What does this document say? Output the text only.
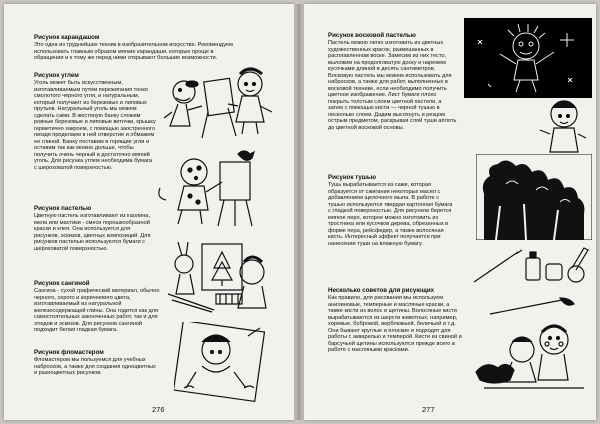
Рисунок карандашом

Это одна из труднейших техник в изобразительном искусстве. Рекомендуем использовать главным образом мягкие карандаши, которые проще в обращении и к тому же перед ними открывают большие возможности.

Рисунок углем

Уголь может быть искусственным, изготавливаемым путем пережигания тонко смолотого черного угля, и натуральным, который получают из березовых и липовых прутьев. Натуральный уголь мы можем сделать сами. В жестяную банку сложим ровные березовые и липовые веточки, крышку герметично закроем, с помощью заостренного гвоздя проделаем в ней отверстие и обмажем ее глиной. Банку поставим в горящие угли и оставим так как можно дольше, чтобы получить очень черный и достаточно мягкий уголь. Для рисунка углем необходима бумага с шероховатой поверхностью.

Рисунок пастелью

Цветную пастель изготавливают из каолина, мела или мастики - смеси порошкообразной краски и клея. Она используется для рисунков, эскизов, цветных композиций. Для рисунков пастелью используются бумаги с шероховатой поверхностью.

Рисунок сангиной

Сангина - сухой графический материал, обычно черного, серого и коричневого цвета, изготавливаемый из натуральной железосодержащей глины. Она годится как для самостоятельных законченных работ, так и для этюдов и эскизов. Для рисунков сангиной подходит белая гладкая бумага.

Рисунок фломастером

Фломастером мы пользуемся для учебных набросков, а также для создания одноцветных и разноцветных рисунков.

276
Рисунок восковой пастелью

Пастель можно легко изготовить из цветных художественных красок, размешанных в расплавленном воске. Замесим из них тесто, выложим на продолговатую доску и нарежем кусочками длиной в десять сантиметров. Восковую пастель мы можем использовать для набросков, а также для работ, выполненных в восковой технике, если необходимо получить цветное изображение. Лист бумаги плохо покрыть толстым слоем цветной пастели, а затем с помощью кисти — черной тушью в несколько слоев. Дадим высохнуть и резцом острым предметом, раскрывая слой туши аплоть до цветной восковой основы.

Рисунок тушью

Тушь вырабатывается из сажи, которая образуется от сжигания некоторых масел с добавлением щелочного мыла. В работе с тушью используются твердая картонная бумага с гладкой поверхностью. Для рисунков берется мягкое перо, которое можно изготовить из тростника или кусочков дерева, обрезанных в форме пера, рейсфедер, а также волосяная кисть. Интересный эффект получается при нанесении туши на влажную бумагу.

Несколько советов для рисующих

Как правило, для рисования мы используем анилиновые, темперные и масляные краски, а также кисти из волос и щетины. Волосяные кисти вырабатываются из шерсти животных, например, хоревые, бобровой, верблюжьей, беличьей и т.д. Они бывают круглые и плоские и подходят для работы с акварелью и темперой. Кисти из свиной и барсучьей щетины используются прежде всего в работе с масляными красками.

277
